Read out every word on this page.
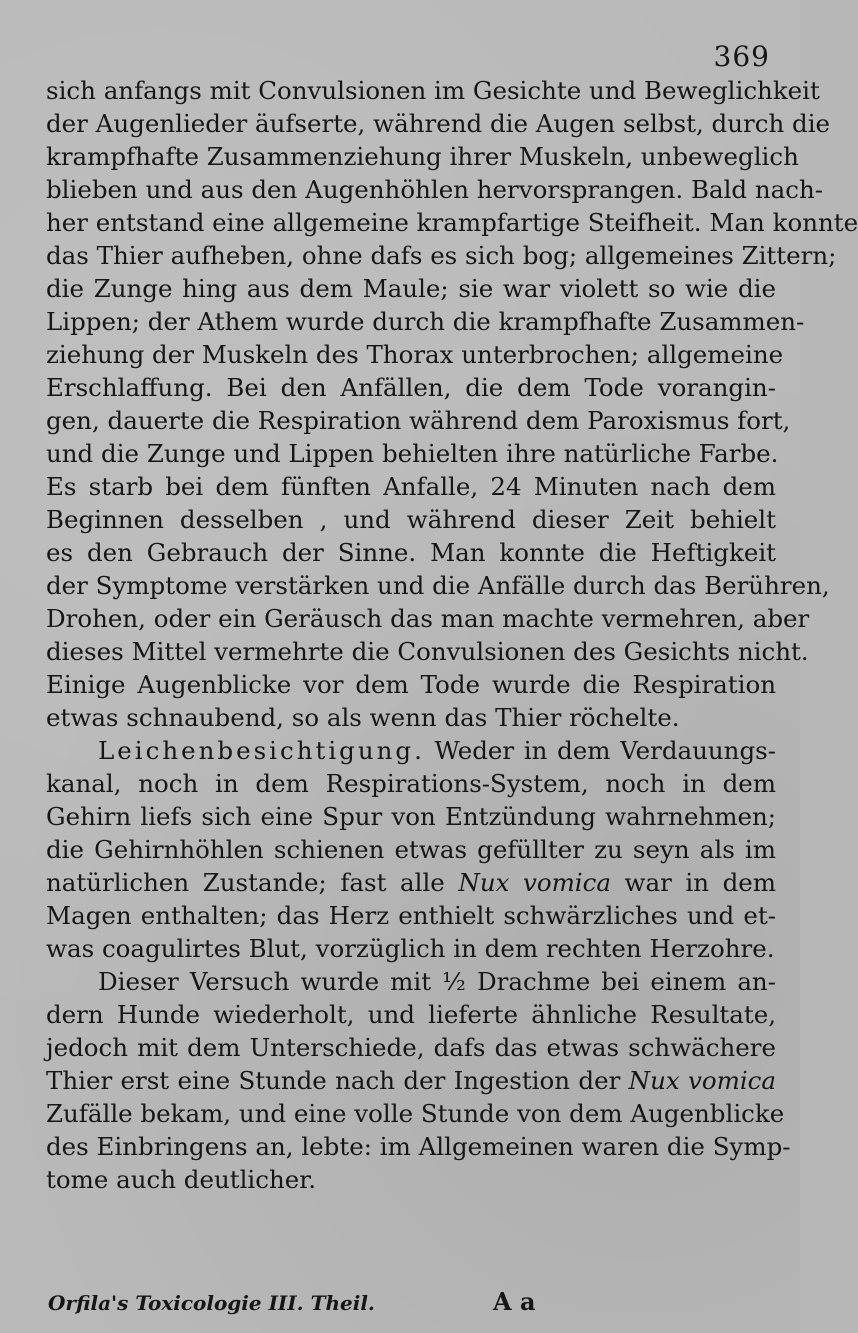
369
sich anfangs mit Convulsionen im Gesichte und Beweglichkeit
der Augenlieder äufserte, während die Augen selbst, durch die
krampfhafte Zusammenziehung ihrer Muskeln, unbeweglich
blieben und aus den Augenhöhlen hervorsprangen. Bald nach-
her entstand eine allgemeine krampfartige Steifheit. Man konnte
das Thier aufheben, ohne dafs es sich bog; allgemeines Zittern;
die Zunge hing aus dem Maule; sie war violett so wie die
Lippen; der Athem wurde durch die krampfhafte Zusammen-
ziehung der Muskeln des Thorax unterbrochen; allgemeine
Erschlaffung. Bei den Anfällen, die dem Tode vorangin-
gen, dauerte die Respiration während dem Paroxismus fort,
und die Zunge und Lippen behielten ihre natürliche Farbe.
Es starb bei dem fünften Anfalle, 24 Minuten nach dem
Beginnen desselben , und während dieser Zeit behielt
es den Gebrauch der Sinne. Man konnte die Heftigkeit
der Symptome verstärken und die Anfälle durch das Berühren,
Drohen, oder ein Geräusch das man machte vermehren, aber
dieses Mittel vermehrte die Convulsionen des Gesichts nicht.
Einige Augenblicke vor dem Tode wurde die Respiration
etwas schnaubend, so als wenn das Thier röchelte.
Leichenbesichtigung. Weder in dem Verdauungs-
kanal, noch in dem Respirations-System, noch in dem
Gehirn liefs sich eine Spur von Entzündung wahrnehmen;
die Gehirnhöhlen schienen etwas gefüllter zu seyn als im
natürlichen Zustande; fast alle Nux vomica war in dem
Magen enthalten; das Herz enthielt schwärzliches und et-
was coagulirtes Blut, vorzüglich in dem rechten Herzohre.
Dieser Versuch wurde mit ½ Drachme bei einem an-
dern Hunde wiederholt, und lieferte ähnliche Resultate,
jedoch mit dem Unterschiede, dafs das etwas schwächere
Thier erst eine Stunde nach der Ingestion der Nux vomica
Zufälle bekam, und eine volle Stunde von dem Augenblicke
des Einbringens an, lebte: im Allgemeinen waren die Symp-
tome auch deutlicher.
Orfila's Toxicologie III. Theil.	A a
